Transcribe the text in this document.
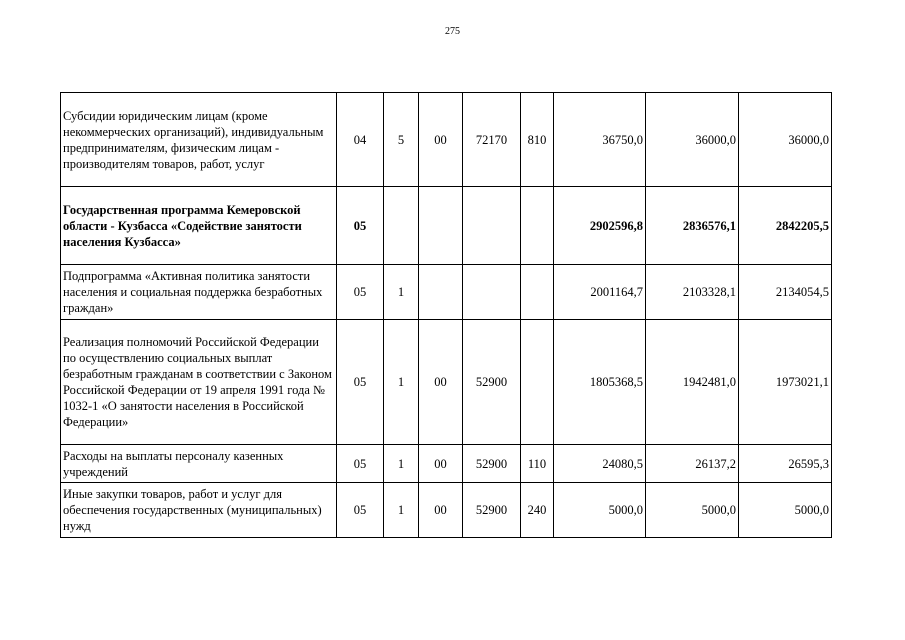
275
Субсидии юридическим лицам (кроме некоммерческих организаций), индивидуальным предпринимателям, физическим лицам - производителям товаров, работ, услуг	04	5	00	72170	810	36750,0	36000,0	36000,0
Государственная программа Кемеровской области - Кузбасса «Содействие занятости населения Кузбасса»	05					2902596,8	2836576,1	2842205,5
Подпрограмма «Активная политика занятости населения и социальная поддержка безработных граждан»	05	1				2001164,7	2103328,1	2134054,5
Реализация полномочий Российской Федерации по осуществлению социальных выплат безработным гражданам в соответствии с Законом Российской Федерации от 19 апреля 1991 года № 1032-1 «О занятости населения в Российской Федерации»	05	1	00	52900		1805368,5	1942481,0	1973021,1
Расходы на выплаты персоналу казенных учреждений	05	1	00	52900	110	24080,5	26137,2	26595,3
Иные закупки товаров, работ и услуг для обеспечения государственных (муниципальных) нужд	05	1	00	52900	240	5000,0	5000,0	5000,0
